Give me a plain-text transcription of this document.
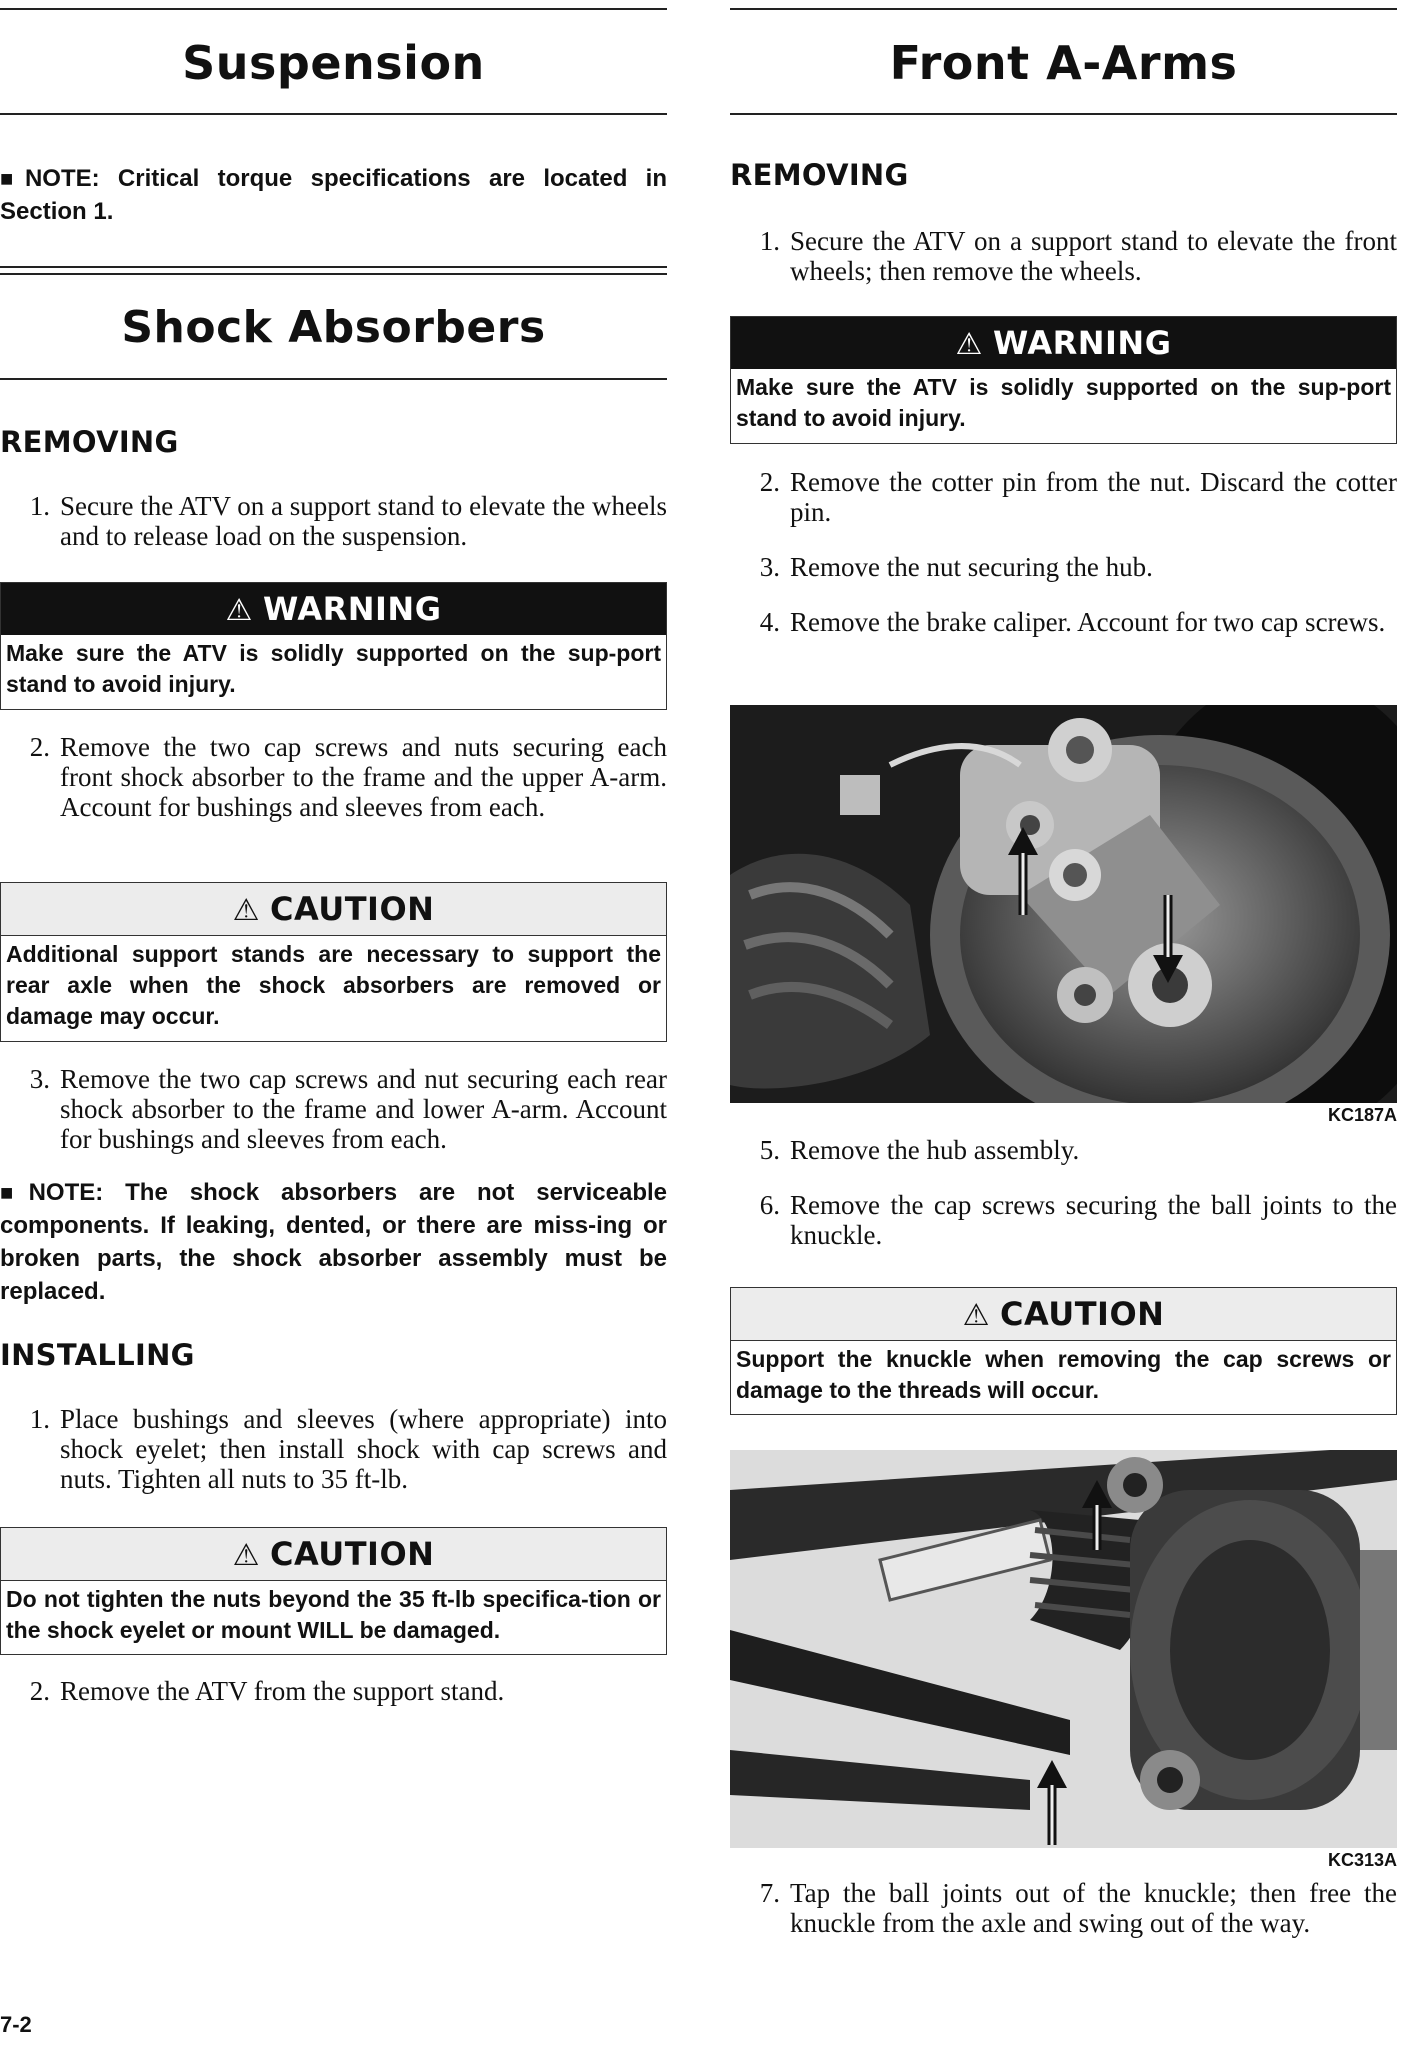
Suspension

■NOTE: Critical torque specifications are located in Section 1.

Shock Absorbers
REMOVING
1. Secure the ATV on a support stand to elevate the wheels and to release load on the suspension.
⚠ WARNING
Make sure the ATV is solidly supported on the sup-port stand to avoid injury.
2. Remove the two cap screws and nuts securing each front shock absorber to the frame and the upper A-arm. Account for bushings and sleeves from each.
⚠ CAUTION
Additional support stands are necessary to support the rear axle when the shock absorbers are removed or damage may occur.
3. Remove the two cap screws and nut securing each rear shock absorber to the frame and lower A-arm. Account for bushings and sleeves from each.

■NOTE: The shock absorbers are not serviceable components. If leaking, dented, or there are miss-ing or broken parts, the shock absorber assembly must be replaced.

INSTALLING
1. Place bushings and sleeves (where appropriate) into shock eyelet; then install shock with cap screws and nuts. Tighten all nuts to 35 ft-lb.
⚠ CAUTION
Do not tighten the nuts beyond the 35 ft-lb specifica-tion or the shock eyelet or mount WILL be damaged.
2. Remove the ATV from the support stand.
Front A-Arms
REMOVING
1. Secure the ATV on a support stand to elevate the front wheels; then remove the wheels.
⚠ WARNING
Make sure the ATV is solidly supported on the sup-port stand to avoid injury.
2. Remove the cotter pin from the nut. Discard the cotter pin.
3. Remove the nut securing the hub.
4. Remove the brake caliper. Account for two cap screws.
KC187A
5. Remove the hub assembly.
6. Remove the cap screws securing the ball joints to the knuckle.
⚠ CAUTION
Support the knuckle when removing the cap screws or damage to the threads will occur.
KC313A
7. Tap the ball joints out of the knuckle; then free the knuckle from the axle and swing out of the way.
7-2
